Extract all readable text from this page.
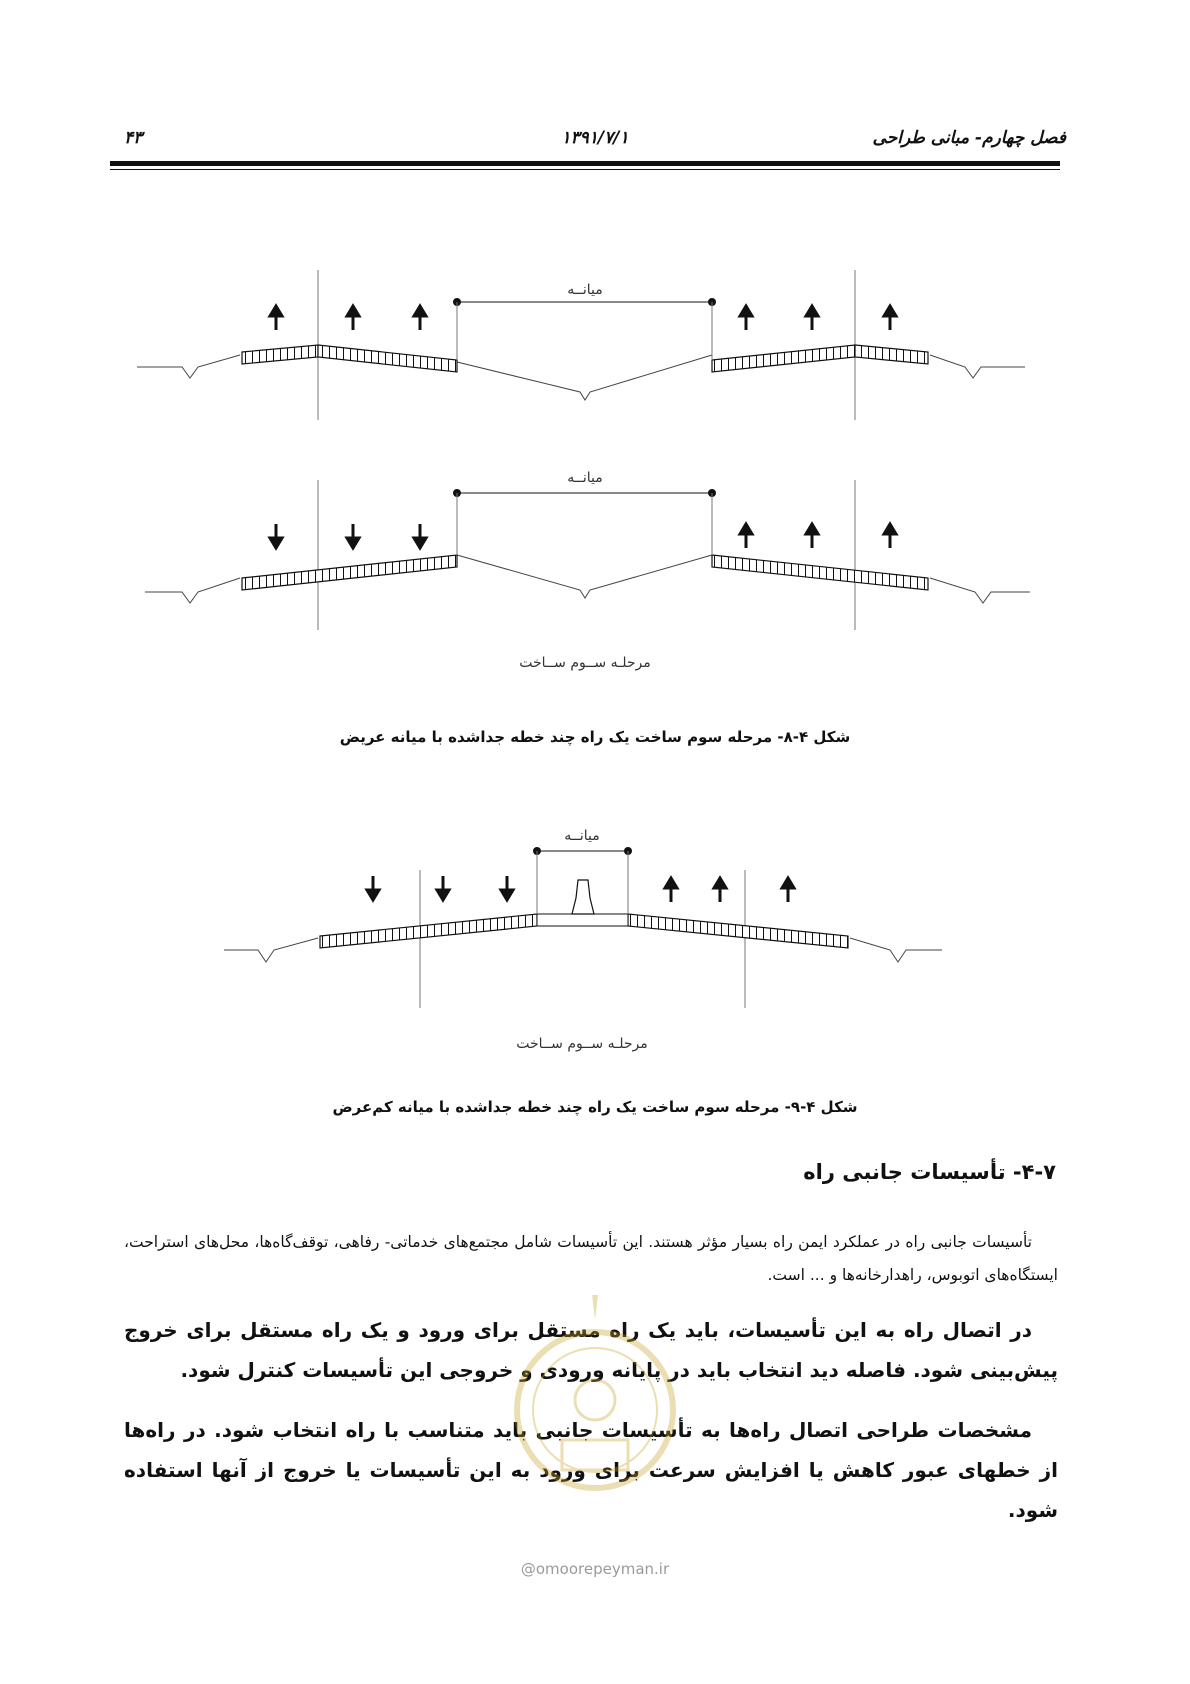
فصل چهارم- مبانی طراحی
۱۳۹۱/۷/۱
۴۳
میانــه
میانــه
مرحلـه ســوم ســاخت
شکل ۴-۸- مرحله سوم ساخت یک راه چند خطه جداشده با میانه عریض
میانــه
مرحلـه ســوم ســاخت
شکل ۴-۹- مرحله سوم ساخت یک راه چند خطه جداشده با میانه کم‌عرض
۴-۷- تأسیسات جانبی راه
تأسیسات جانبی راه در عملکرد ایمن راه بسیار مؤثر هستند. این تأسیسات شامل مجتمع‌های خدماتی- رفاهی، توقف‌گاه‌ها، محل‌های استراحت، ایستگاه‌های اتوبوس، راهدارخانه‌ها و ... است.
در اتصال راه به این تأسیسات، باید یک راه مستقل برای ورود و یک راه مستقل برای خروج پیش‌بینی شود. فاصله دید انتخاب باید در پایانه ورودی و خروجی این تأسیسات کنترل شود.
مشخصات طراحی اتصال راه‌ها به تأسیسات جانبی باید متناسب با راه انتخاب شود. در راه‌ها از خطهای عبور کاهش یا افزایش سرعت برای ورود به این تأسیسات یا خروج از آنها استفاده شود.
@omoorepeyman.ir
